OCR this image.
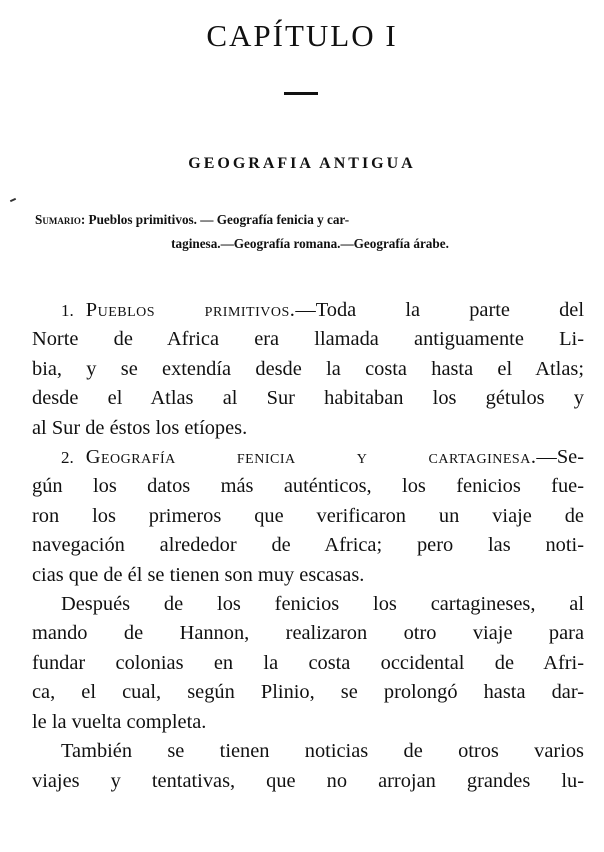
CAPÍTULO I
GEOGRAFIA ANTIGUA
Sumario: Pueblos primitivos. — Geografía fenicia y car-
taginesa.—Geografía romana.—Geografía árabe.
1. Pueblos primitivos.—Toda la parte del
Norte de Africa era llamada antiguamente Li-
bia, y se extendía desde la costa hasta el Atlas;
desde el Atlas al Sur habitaban los gétulos y
al Sur de éstos los etíopes.
2. Geografía fenicia y cartaginesa.—Se-
gún los datos más auténticos, los fenicios fue-
ron los primeros que verificaron un viaje de
navegación alrededor de Africa; pero las noti-
cias que de él se tienen son muy escasas.
Después de los fenicios los cartagineses, al
mando de Hannon, realizaron otro viaje para
fundar colonias en la costa occidental de Afri-
ca, el cual, según Plinio, se prolongó hasta dar-
le la vuelta completa.
También se tienen noticias de otros varios
viajes y tentativas, que no arrojan grandes lu-
